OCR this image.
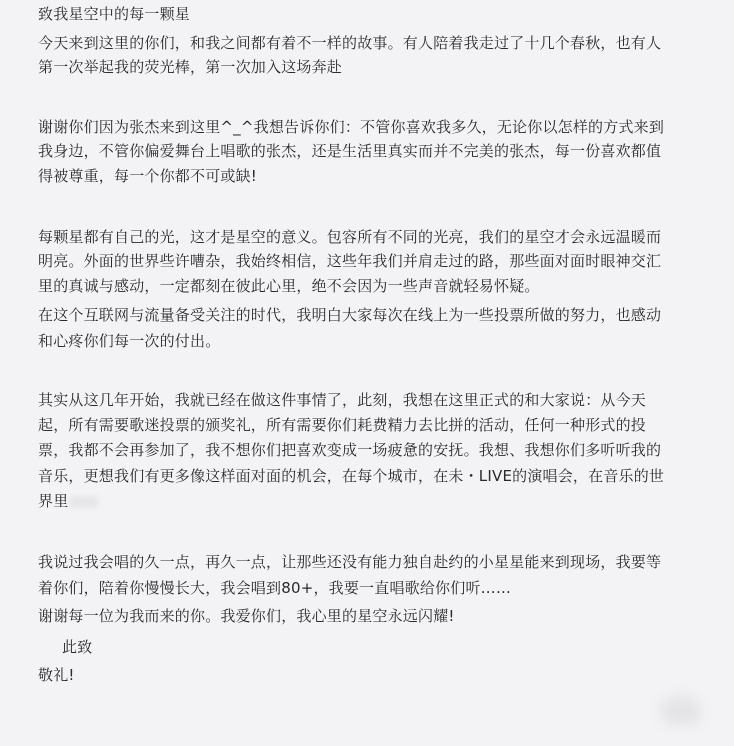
致我星空中的每一颗星
今天来到这里的你们，和我之间都有着不一样的故事。有人陪着我走过了十几个春秋，也有人
第一次举起我的荧光棒，第一次加入这场奔赴
谢谢你们因为张杰来到这里^_^我想告诉你们：不管你喜欢我多久，无论你以怎样的方式来到
我身边，不管你偏爱舞台上唱歌的张杰，还是生活里真实而并不完美的张杰，每一份喜欢都值
得被尊重，每一个你都不可或缺!
每颗星都有自己的光，这才是星空的意义。包容所有不同的光亮，我们的星空才会永远温暖而
明亮。外面的世界些许嘈杂，我始终相信，这些年我们并肩走过的路，那些面对面时眼神交汇
里的真诚与感动，一定都刻在彼此心里，绝不会因为一些声音就轻易怀疑。
在这个互联网与流量备受关注的时代，我明白大家每次在线上为一些投票所做的努力，也感动
和心疼你们每一次的付出。
其实从这几年开始，我就已经在做这件事情了，此刻，我想在这里正式的和大家说：从今天
起，所有需要歌迷投票的颁奖礼，所有需要你们耗费精力去比拼的活动，任何一种形式的投
票，我都不会再参加了，我不想你们把喜欢变成一场疲惫的安抚。我想、我想你们多听听我的
音乐，更想我们有更多像这样面对面的机会，在每个城市，在未・LIVE的演唱会，在音乐的世
界里
我说过我会唱的久一点，再久一点，让那些还没有能力独自赴约的小星星能来到现场，我要等
着你们，陪着你慢慢长大，我会唱到80+，我要一直唱歌给你们听……
谢谢每一位为我而来的你。我爱你们，我心里的星空永远闪耀!
此致
敬礼!
